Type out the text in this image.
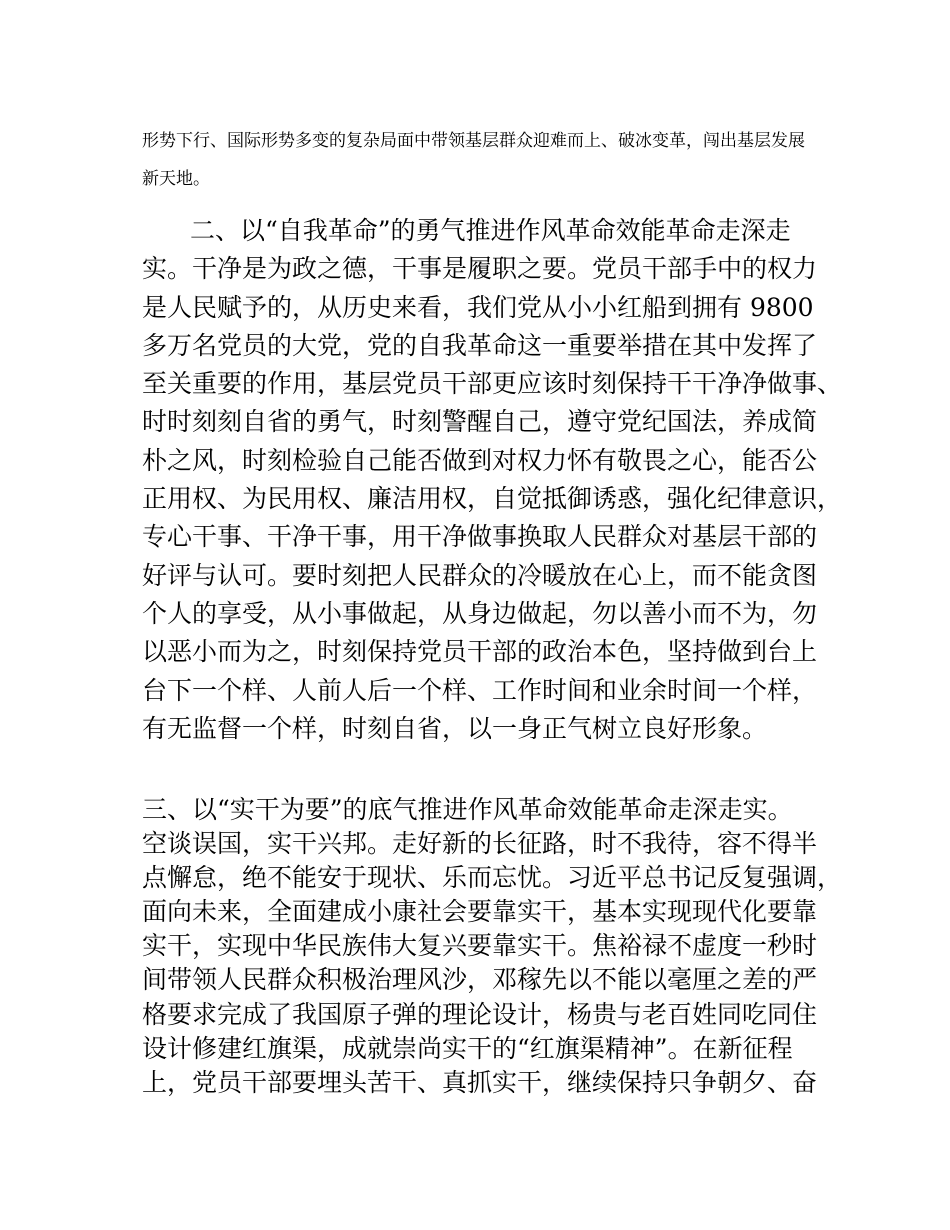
形势下行、国际形势多变的复杂局面中带领基层群众迎难而上、破冰变革，闯出基层发展
新天地。
二、以“自我革命”的勇气推进作风革命效能革命走深走
实。干净是为政之德，干事是履职之要。党员干部手中的权力
是人民赋予的，从历史来看，我们党从小小红船到拥有 9800
多万名党员的大党，党的自我革命这一重要举措在其中发挥了
至关重要的作用，基层党员干部更应该时刻保持干干净净做事、
时时刻刻自省的勇气，时刻警醒自己，遵守党纪国法，养成简
朴之风，时刻检验自己能否做到对权力怀有敬畏之心，能否公
正用权、为民用权、廉洁用权，自觉抵御诱惑，强化纪律意识，
专心干事、干净干事，用干净做事换取人民群众对基层干部的
好评与认可。要时刻把人民群众的冷暖放在心上，而不能贪图
个人的享受，从小事做起，从身边做起，勿以善小而不为，勿
以恶小而为之，时刻保持党员干部的政治本色，坚持做到台上
台下一个样、人前人后一个样、工作时间和业余时间一个样，
有无监督一个样，时刻自省，以一身正气树立良好形象。
三、以“实干为要”的底气推进作风革命效能革命走深走实。
空谈误国，实干兴邦。走好新的长征路，时不我待，容不得半
点懈怠，绝不能安于现状、乐而忘忧。习近平总书记反复强调，
面向未来，全面建成小康社会要靠实干，基本实现现代化要靠
实干，实现中华民族伟大复兴要靠实干。焦裕禄不虚度一秒时
间带领人民群众积极治理风沙，邓稼先以不能以毫厘之差的严
格要求完成了我国原子弹的理论设计，杨贵与老百姓同吃同住
设计修建红旗渠，成就崇尚实干的“红旗渠精神”。在新征程
上，党员干部要埋头苦干、真抓实干，继续保持只争朝夕、奋
